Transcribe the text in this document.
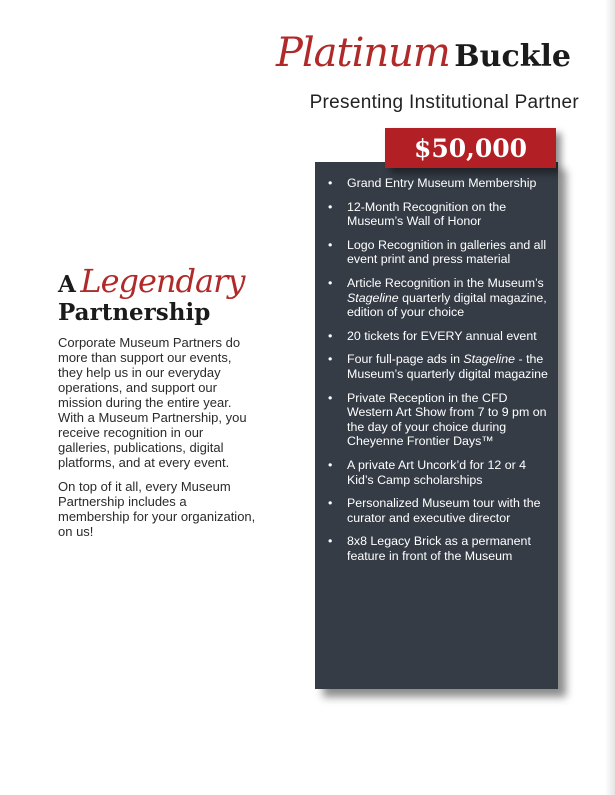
Platinum Buckle
Presenting Institutional Partner
$50,000
• Grand Entry Museum Membership
• 12-Month Recognition on the Museum’s Wall of Honor
• Logo Recognition in galleries and all event print and press material
• Article Recognition in the Museum’s Stageline quarterly digital magazine, edition of your choice
• 20 tickets for EVERY annual event
• Four full-page ads in Stageline - the Museum’s quarterly digital magazine
• Private Reception in the CFD Western Art Show from 7 to 9 pm on the day of your choice during Cheyenne Frontier Days™
• A private Art Uncork’d for 12 or 4 Kid’s Camp scholarships
• Personalized Museum tour with the curator and executive director
• 8x8 Legacy Brick as a permanent feature in front of the Museum
A Legendary
Partnership

Corporate Museum Partners do more than support our events, they help us in our everyday operations, and support our mission during the entire year. With a Museum Partnership, you receive recognition in our galleries, publications, digital platforms, and at every event.

On top of it all, every Museum Partnership includes a membership for your organization, on us!
